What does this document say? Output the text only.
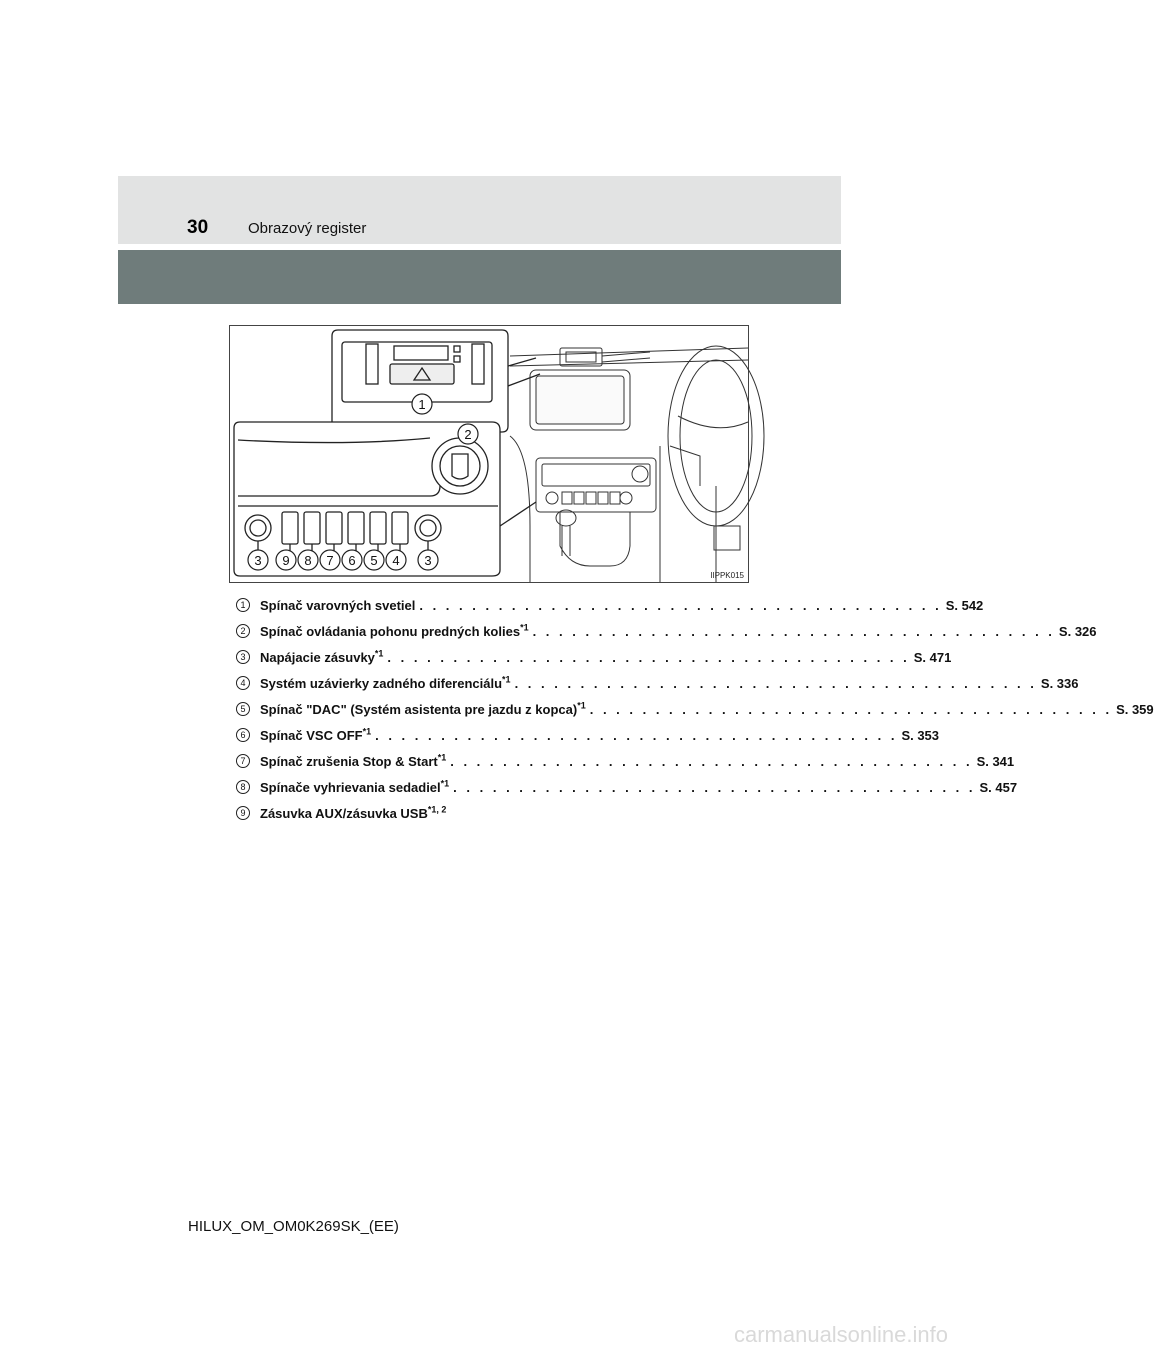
30	Obrazový register
1
2
3 9 8 7 6 5 4 3
IIPPK015
1	Spínač varovných svetiel . . . . . . . . . . . . . . . . . . . . . . . . . . . . . . . . . . . . . . . . S. 542
2	Spínač ovládania pohonu predných kolies$^{*1}$ . . . . . . . . . . . . . . . . . . . . . . . . . . . . . . . . . . . . . . . . S. 326
3	Napájacie zásuvky$^{*1}$ . . . . . . . . . . . . . . . . . . . . . . . . . . . . . . . . . . . . . . . . S. 471
4	Systém uzávierky zadného diferenciálu$^{*1}$ . . . . . . . . . . . . . . . . . . . . . . . . . . . . . . . . . . . . . . . . S. 336
5	Spínač "DAC" (Systém asistenta pre jazdu z kopca)$^{*1}$ . . . . . . . . . . . . . . . . . . . . . . . . . . . . . . . . . . . . . . . . S. 359
6	Spínač VSC OFF$^{*1}$ . . . . . . . . . . . . . . . . . . . . . . . . . . . . . . . . . . . . . . . . S. 353
7	Spínač zrušenia Stop & Start$^{*1}$ . . . . . . . . . . . . . . . . . . . . . . . . . . . . . . . . . . . . . . . . S. 341
8	Spínače vyhrievania sedadiel$^{*1}$ . . . . . . . . . . . . . . . . . . . . . . . . . . . . . . . . . . . . . . . . S. 457
9	Zásuvka AUX/zásuvka USB$^{*1, 2}$
HILUX_OM_OM0K269SK_(EE)
carmanualsonline.info
